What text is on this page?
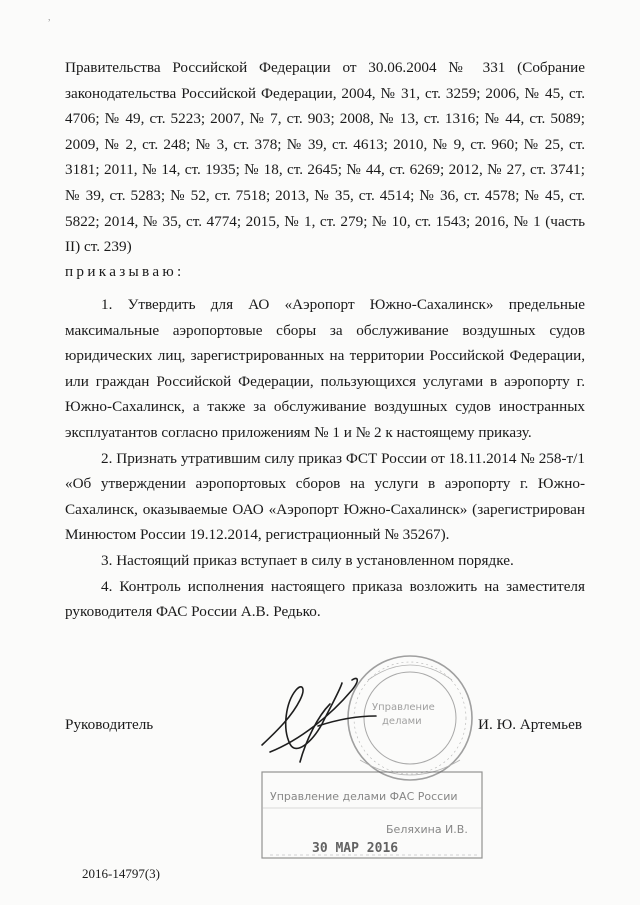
,

Правительства Российской Федерации от 30.06.2004 № 331 (Собрание законодательства Российской Федерации, 2004, № 31, ст. 3259; 2006, № 45, ст. 4706; № 49, ст. 5223; 2007, № 7, ст. 903; 2008, № 13, ст. 1316; № 44, ст. 5089; 2009, № 2, ст. 248; № 3, ст. 378; № 39, ст. 4613; 2010, № 9, ст. 960; № 25, ст. 3181; 2011, № 14, ст. 1935; № 18, ст. 2645; № 44, ст. 6269; 2012, № 27, ст. 3741; № 39, ст. 5283; № 52, ст. 7518; 2013, № 35, ст. 4514; № 36, ст. 4578; № 45, ст. 5822; 2014, № 35, ст. 4774; 2015, № 1, ст. 279; № 10, ст. 1543; 2016, № 1 (часть II) ст. 239)

приказываю:

1. Утвердить для АО «Аэропорт Южно-Сахалинск» предельные максимальные аэропортовые сборы за обслуживание воздушных судов юридических лиц, зарегистрированных на территории Российской Федерации, или граждан Российской Федерации, пользующихся услугами в аэропорту г. Южно-Сахалинск, а также за обслуживание воздушных судов иностранных эксплуатантов согласно приложениям № 1 и № 2 к настоящему приказу.

2. Признать утратившим силу приказ ФСТ России от 18.11.2014 № 258-т/1 «Об утверждении аэропортовых сборов на услуги в аэропорту г. Южно-Сахалинск, оказываемые ОАО «Аэропорт Южно-Сахалинск» (зарегистрирован Минюстом России 19.12.2014, регистрационный № 35267).

3. Настоящий приказ вступает в силу в установленном порядке.

4. Контроль исполнения настоящего приказа возложить на заместителя руководителя ФАС России А.В. Редько.

Руководитель	И. Ю. Артемьев
2016-14797(3)
Управление
делами
Управление делами ФАС России
Беляхина И.В.
30 МАР 2016
